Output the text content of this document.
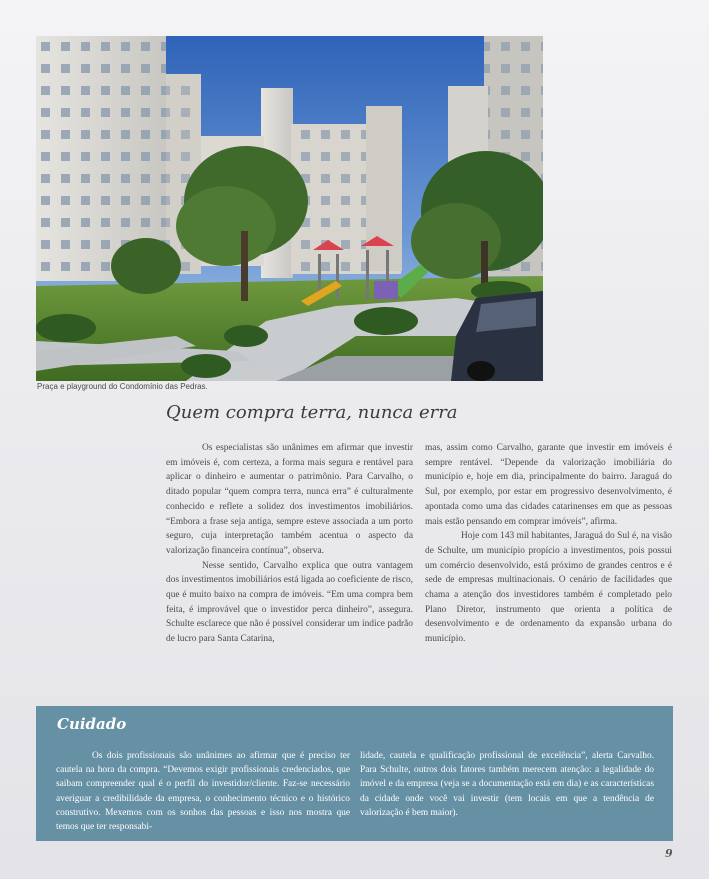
Praça e playground do Condomínio das Pedras.
Quem compra terra, nunca erra

Os especialistas são unânimes em afirmar que investir em imóveis é, com certeza, a forma mais segura e rentável para aplicar o dinheiro e aumentar o patrimônio. Para Carvalho, o ditado popular “quem compra terra, nunca erra” é culturalmente conhecido e reflete a solidez dos investimentos imobiliários. “Embora a frase seja antiga, sempre esteve associada a um porto seguro, cuja interpretação também acentua o aspecto da valorização financeira contínua”, observa.

Nesse sentido, Carvalho explica que outra vantagem dos investimentos imobiliários está ligada ao coeficiente de risco, que é muito baixo na compra de imóveis. “Em uma compra bem feita, é improvável que o investidor perca dinheiro”, assegura. Schulte esclarece que não é possível considerar um índice padrão de lucro para Santa Catarina,

mas, assim como Carvalho, garante que investir em imóveis é sempre rentável. “Depende da valorização imobiliária do município e, hoje em dia, principalmente do bairro. Jaraguá do Sul, por exemplo, por estar em progressivo desenvolvimento, é apontada como uma das cidades catarinenses em que as pessoas mais estão pensando em comprar imóveis”, afirma.

Hoje com 143 mil habitantes, Jaraguá do Sul é, na visão de Schulte, um município propício a investimentos, pois possui um comércio desenvolvido, está próximo de grandes centros e é sede de empresas multinacionais. O cenário de facilidades que chama a atenção dos investidores também é completado pelo Plano Diretor, instrumento que orienta a política de desenvolvimento e de ordenamento da expansão urbana do município.

Cuidado

Os dois profissionais são unânimes ao afirmar que é preciso ter cautela na hora da compra. “Devemos exigir profissionais credenciados, que saibam compreender qual é o perfil do investidor/cliente. Faz-se necessário averiguar a credibilidade da empresa, o conhecimento técnico e o histórico construtivo. Mexemos com os sonhos das pessoas e isso nos mostra que temos que ter responsabi-

lidade, cautela e qualificação profissional de excelência”, alerta Carvalho. Para Schulte, outros dois fatores também merecem atenção: a legalidade do imóvel e da empresa (veja se a documentação está em dia) e as características da cidade onde você vai investir (tem locais em que a tendência de valorização é bem maior).

9
